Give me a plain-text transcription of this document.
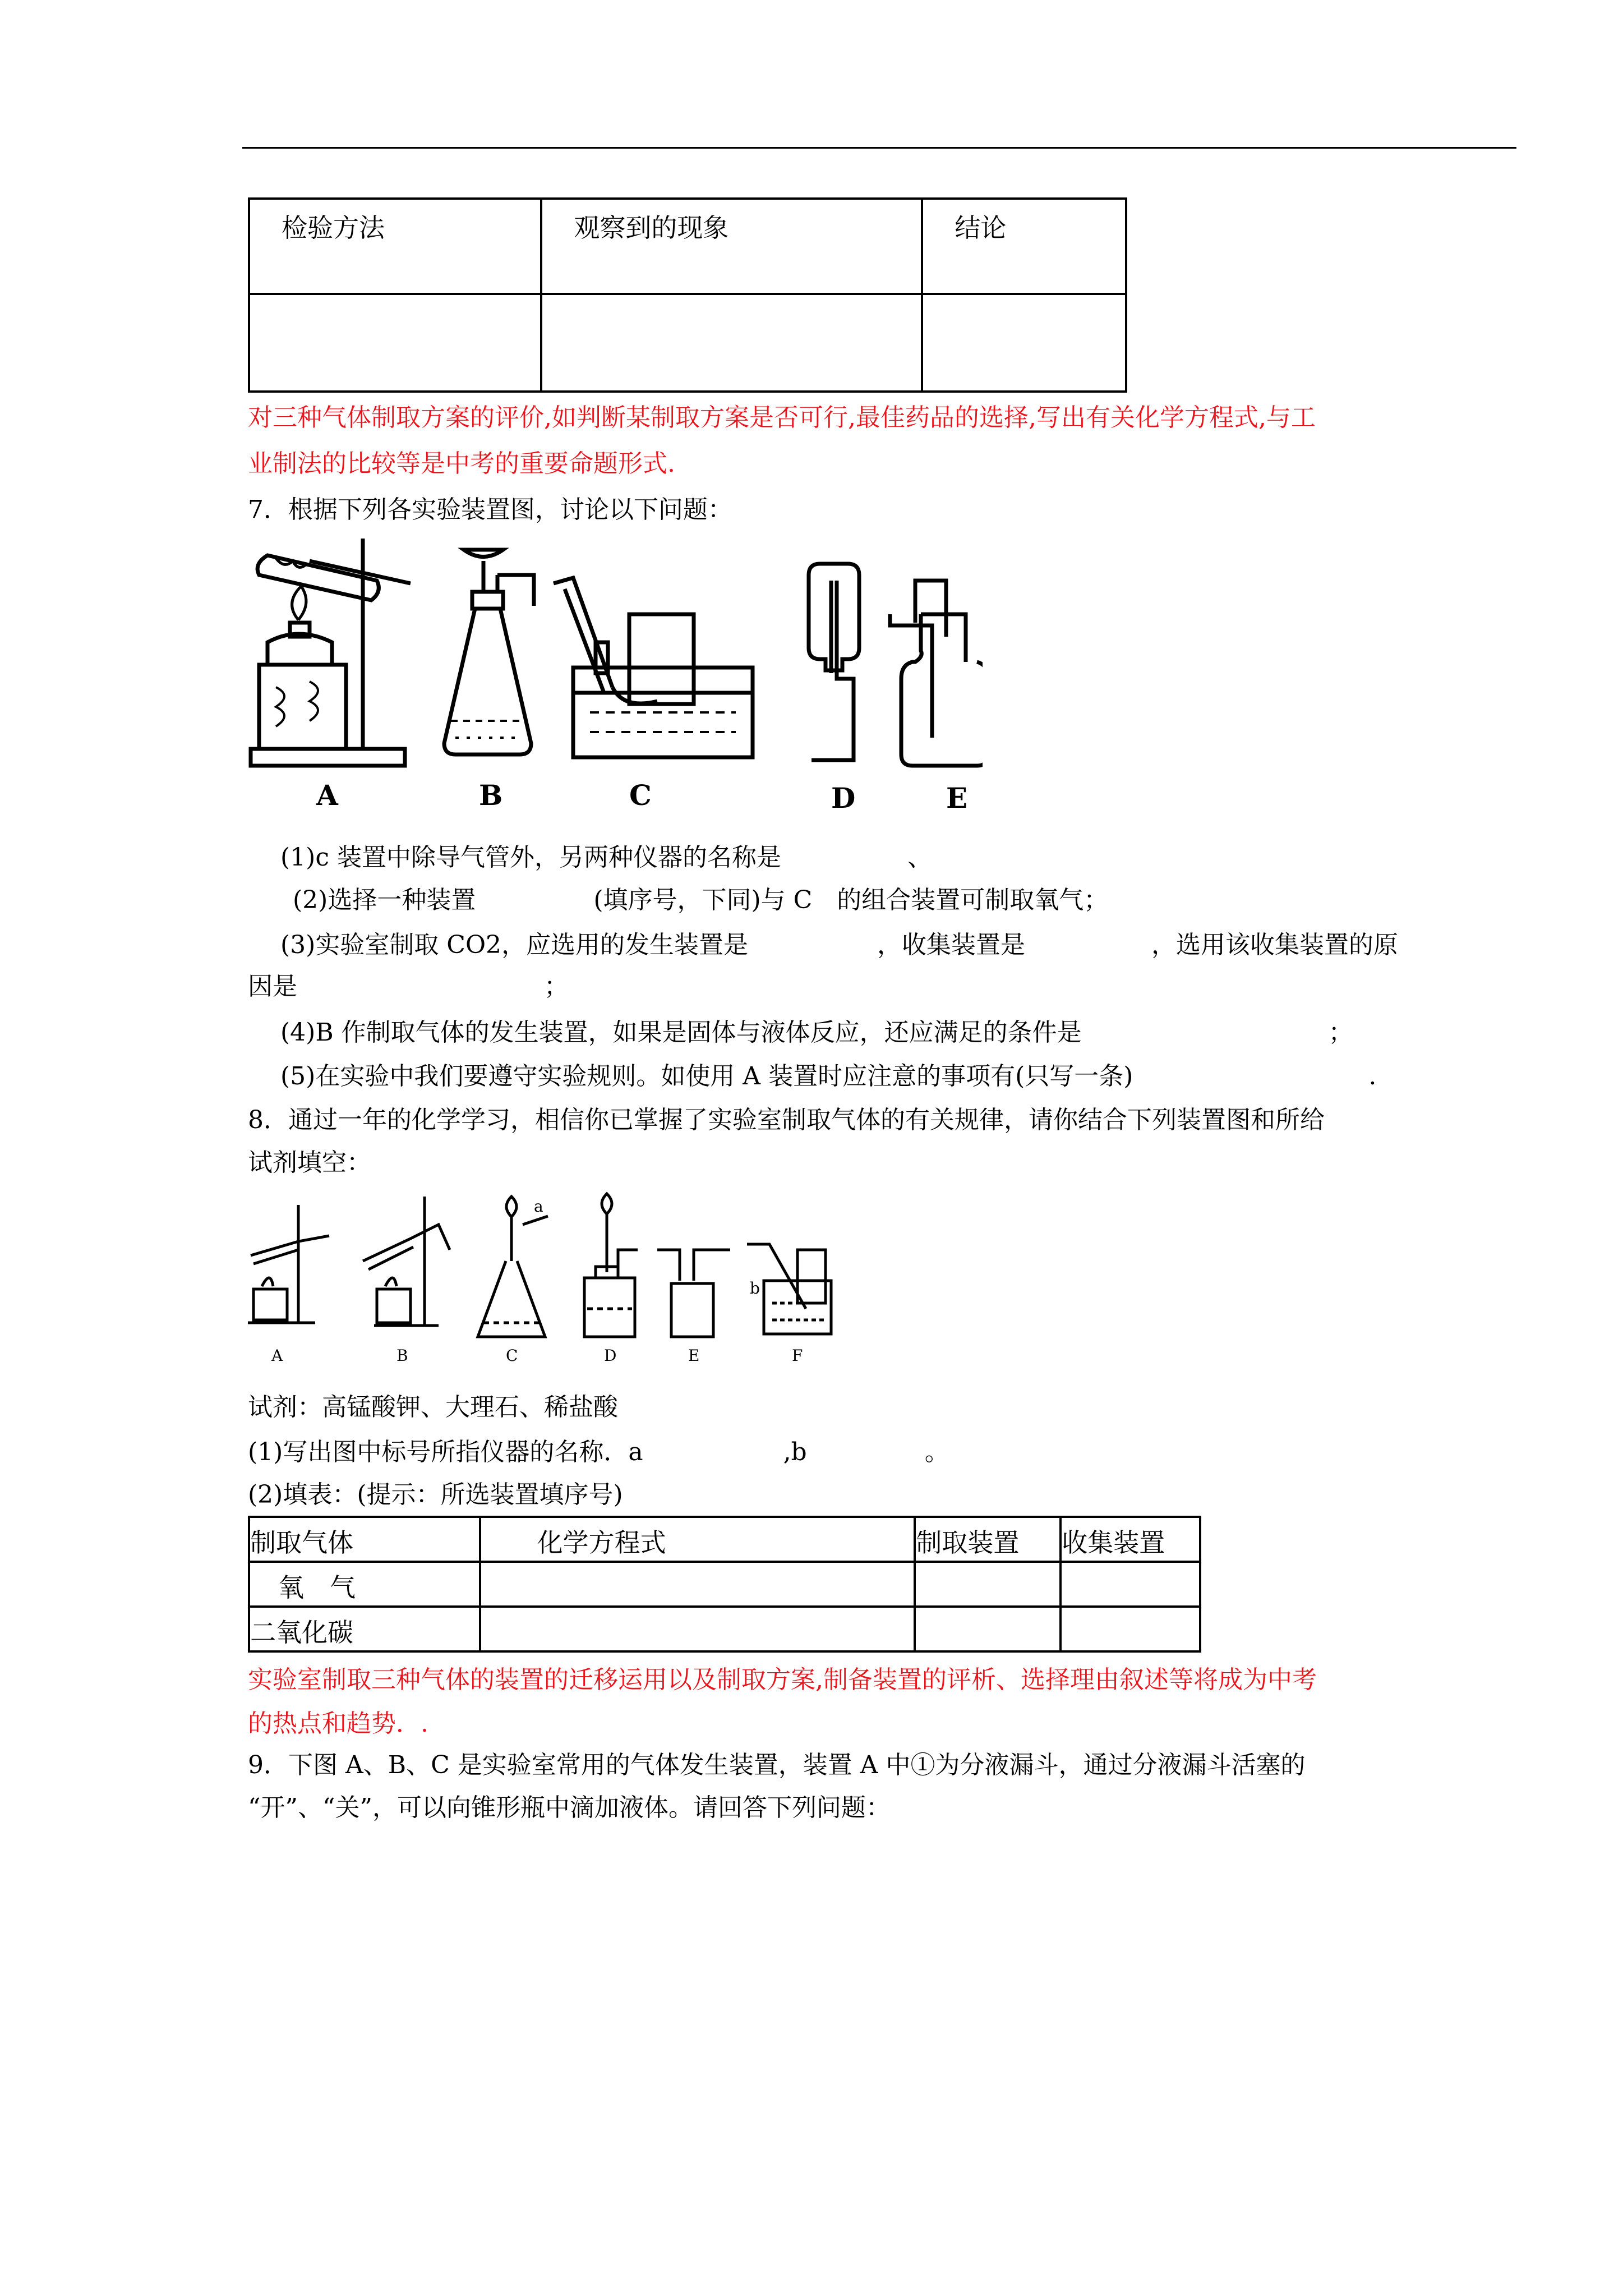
检验方法	观察到的现象	结论

对三种气体制取方案的评价,如判断某制取方案是否可行,最佳药品的选择,写出有关化学方程式,与工
业制法的比较等是中考的重要命题形式.
7．根据下列各实验装置图，讨论以下问题：
A	B	C	D	E
(1)c 装置中除导气管外，另两种仪器的名称是	、
(2)选择一种装置	(填序号，下同)与 C　的组合装置可制取氧气；
(3)实验室制取 CO2，应选用的发生装置是	，收集装置是	，选用该收集装置的原
因是	；
(4)B 作制取气体的发生装置，如果是固体与液体反应，还应满足的条件是	；
(5)在实验中我们要遵守实验规则。如使用 A 装置时应注意的事项有(只写一条)	.
8．通过一年的化学学习，相信你已掌握了实验室制取气体的有关规律，请你结合下列装置图和所给
试剂填空：
A	B	C	D	E	F
a
b
试剂：高锰酸钾、大理石、稀盐酸
(1)写出图中标号所指仪器的名称．a	,b	。
(2)填表：(提示：所选装置填序号)
制取气体	化学方程式	制取装置	收集装置
氧　气			
二氧化碳			
实验室制取三种气体的装置的迁移运用以及制取方案,制备装置的评析、选择理由叙述等将成为中考
的热点和趋势．.
9．下图 A、B、C 是实验室常用的气体发生装置，装置 A 中①为分液漏斗，通过分液漏斗活塞的
“开”、“关”，可以向锥形瓶中滴加液体。请回答下列问题：
